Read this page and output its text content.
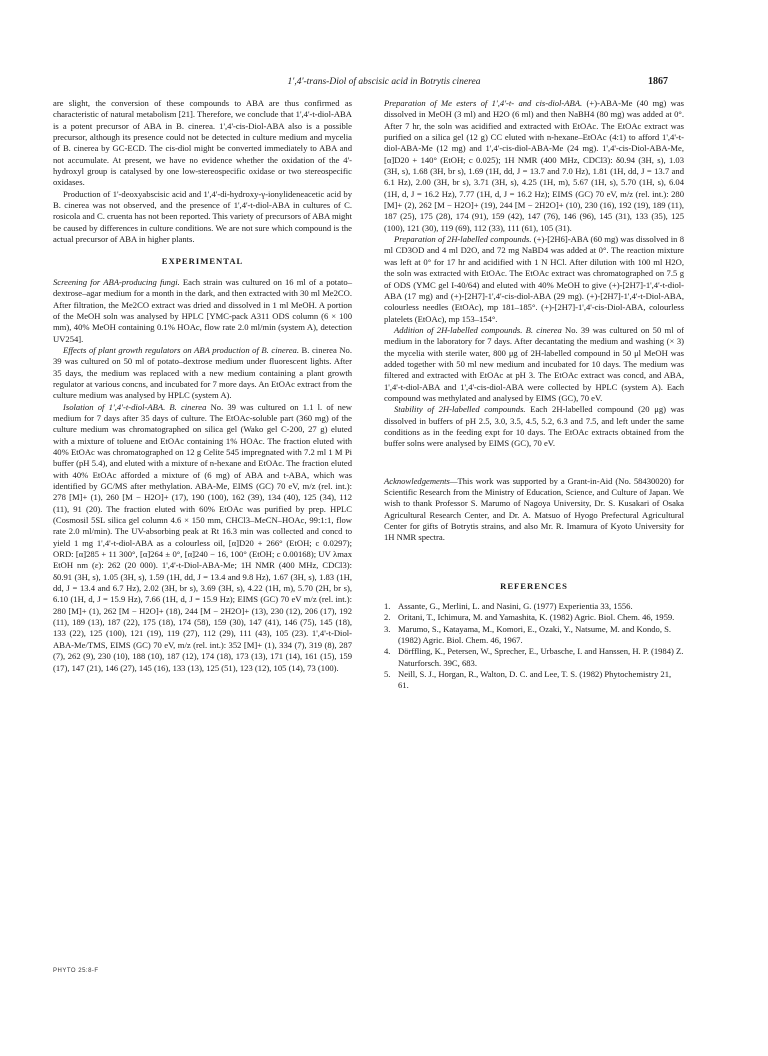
1',4'-trans-Diol of abscisic acid in Botrytis cinerea	1867

are slight, the conversion of these compounds to ABA are thus confirmed as characteristic of natural metabolism [21]. Therefore, we conclude that 1',4'-t-diol-ABA is a potent precursor of ABA in B. cinerea. 1',4'-cis-Diol-ABA also is a possible precursor, although its presence could not be detected in culture medium and mycelia of B. cinerea by GC-ECD. The cis-diol might be converted immediately to ABA and not accumulate. At present, we have no evidence whether the oxidation of the 4'-hydroxyl group is catalysed by one low-stereospecific oxidase or two stereospecific oxidases.

Production of 1'-deoxyabscisic acid and 1',4'-di-hydroxy-γ-ionylideneacetic acid by B. cinerea was not observed, and the presence of 1',4'-t-diol-ABA in cultures of C. rosicola and C. cruenta has not been reported. This variety of precursors of ABA might be caused by differences in culture conditions. We are not sure which compound is the actual precursor of ABA in higher plants.

EXPERIMENTAL

Screening for ABA-producing fungi. Each strain was cultured on 16 ml of a potato–dextrose–agar medium for a month in the dark, and then extracted with 30 ml Me2CO. After filtration, the Me2CO extract was dried and dissolved in 1 ml MeOH. A portion of the MeOH soln was analysed by HPLC [YMC-pack A311 ODS column (6 × 100 mm), 40% MeOH containing 0.1% HOAc, flow rate 2.0 ml/min (system A), detection UV254].

Effects of plant growth regulators on ABA production of B. cinerea. B. cinerea No. 39 was cultured on 50 ml of potato–dextrose medium under fluorescent lights. After 35 days, the medium was replaced with a new medium containing a plant growth regulator at various concns, and incubated for 7 more days. An EtOAc extract from the culture medium was analysed by HPLC (system A).

Isolation of 1',4'-t-diol-ABA. B. cinerea No. 39 was cultured on 1.1 l. of new medium for 7 days after 35 days of culture. The EtOAc-soluble part (360 mg) of the culture medium was chromatographed on silica gel (Wako gel C-200, 27 g) eluted with a mixture of toluene and EtOAc containing 1% HOAc. The fraction eluted with 40% EtOAc was chromatographed on 12 g Celite 545 impregnated with 7.2 ml 1 M Pi buffer (pH 5.4), and eluted with a mixture of n-hexane and EtOAc. The fraction eluted with 40% EtOAc afforded a mixture of (6 mg) of ABA and t-ABA, which was identified by GC/MS after methylation. ABA-Me, EIMS (GC) 70 eV, m/z (rel. int.): 278 [M]+ (1), 260 [M − H2O]+ (17), 190 (100), 162 (39), 134 (40), 125 (34), 112 (11), 91 (20). The fraction eluted with 60% EtOAc was purified by prep. HPLC (Cosmosil 5SL silica gel column 4.6 × 150 mm, CHCl3–MeCN–HOAc, 99:1:1, flow rate 2.0 ml/min). The UV-absorbing peak at Rt 16.3 min was collected and concd to yield 1 mg 1',4'-t-diol-ABA as a colourless oil, [α]D20 + 266° (EtOH; c 0.0297); ORD: [α]285 + 11 300°, [α]264 ± 0°, [α]240 − 16, 100° (EtOH; c 0.00168); UV λmax EtOH nm (ε): 262 (20 000). 1',4'-t-Diol-ABA-Me; 1H NMR (400 MHz, CDCl3): δ0.91 (3H, s), 1.05 (3H, s), 1.59 (1H, dd, J = 13.4 and 9.8 Hz), 1.67 (3H, s), 1.83 (1H, dd, J = 13.4 and 6.7 Hz), 2.02 (3H, br s), 3.69 (3H, s), 4.22 (1H, m), 5.70 (2H, br s), 6.10 (1H, d, J = 15.9 Hz), 7.66 (1H, d, J = 15.9 Hz); EIMS (GC) 70 eV m/z (rel. int.): 280 [M]+ (1), 262 [M − H2O]+ (18), 244 [M − 2H2O]+ (13), 230 (12), 206 (17), 192 (11), 189 (13), 187 (22), 175 (18), 174 (58), 159 (30), 147 (41), 146 (75), 145 (18), 133 (22), 125 (100), 121 (19), 119 (27), 112 (29), 111 (43), 105 (23). 1',4'-t-Diol-ABA-Me/TMS, EIMS (GC) 70 eV, m/z (rel. int.): 352 [M]+ (1), 334 (7), 319 (8), 287 (7), 262 (9), 230 (10), 188 (10), 187 (12), 174 (18), 173 (13), 171 (14), 161 (15), 159 (17), 147 (21), 146 (27), 145 (16), 133 (13), 125 (51), 123 (12), 105 (14), 73 (100).

Preparation of Me esters of 1',4'-t- and cis-diol-ABA. (+)-ABA-Me (40 mg) was dissolved in MeOH (3 ml) and H2O (6 ml) and then NaBH4 (80 mg) was added at 0°. After 7 hr, the soln was acidified and extracted with EtOAc. The EtOAc extract was purified on a silica gel (12 g) CC eluted with n-hexane–EtOAc (4:1) to afford 1',4'-t-diol-ABA-Me (12 mg) and 1',4'-cis-diol-ABA-Me (24 mg). 1',4'-cis-Diol-ABA-Me, [α]D20 + 140° (EtOH; c 0.025); 1H NMR (400 MHz, CDCl3): δ0.94 (3H, s), 1.03 (3H, s), 1.68 (3H, br s), 1.69 (1H, dd, J = 13.7 and 7.0 Hz), 1.81 (1H, dd, J = 13.7 and 6.1 Hz), 2.00 (3H, br s), 3.71 (3H, s), 4.25 (1H, m), 5.67 (1H, s), 5.70 (1H, s), 6.04 (1H, d, J = 16.2 Hz), 7.77 (1H, d, J = 16.2 Hz); EIMS (GC) 70 eV, m/z (rel. int.): 280 [M]+ (2), 262 [M − H2O]+ (19), 244 [M − 2H2O]+ (10), 230 (16), 192 (19), 189 (11), 187 (25), 175 (28), 174 (91), 159 (42), 147 (76), 146 (96), 145 (31), 133 (35), 125 (100), 121 (30), 119 (69), 112 (33), 111 (61), 105 (31).

Preparation of 2H-labelled compounds. (+)-[2H6]-ABA (60 mg) was dissolved in 8 ml CD3OD and 4 ml D2O, and 72 mg NaBD4 was added at 0°. The reaction mixture was left at 0° for 17 hr and acidified with 1 N HCl. After dilution with 100 ml H2O, the soln was extracted with EtOAc. The EtOAc extract was chromatographed on 7.5 g of ODS (YMC gel I-40/64) and eluted with 40% MeOH to give (+)-[2H7]-1',4'-t-diol-ABA (17 mg) and (+)-[2H7]-1',4'-cis-diol-ABA (29 mg). (+)-[2H7]-1',4'-t-Diol-ABA, colourless needles (EtOAc), mp 181–185°. (+)-[2H7]-1',4'-cis-Diol-ABA, colourless platelets (EtOAc), mp 153–154°.

Addition of 2H-labelled compounds. B. cinerea No. 39 was cultured on 50 ml of medium in the laboratory for 7 days. After decantating the medium and washing (× 3) the mycelia with sterile water, 800 μg of 2H-labelled compound in 50 μl MeOH was added together with 50 ml new medium and incubated for 10 days. The medium was filtered and extracted with EtOAc at pH 3. The EtOAc extract was concd, and ABA, 1',4'-t-diol-ABA and 1',4'-cis-diol-ABA were collected by HPLC (system A). Each compound was methylated and analysed by EIMS (GC), 70 eV.

Stability of 2H-labelled compounds. Each 2H-labelled compound (20 μg) was dissolved in buffers of pH 2.5, 3.0, 3.5, 4.5, 5.2, 6.3 and 7.5, and left under the same conditions as in the feeding expt for 10 days. The EtOAc extracts obtained from the buffer solns were analysed by EIMS (GC), 70 eV.

Acknowledgements—This work was supported by a Grant-in-Aid (No. 58430020) for Scientific Research from the Ministry of Education, Science, and Culture of Japan. We wish to thank Professor S. Marumo of Nagoya University, Dr. S. Kusakari of Osaka Agricultural Research Center, and Dr. A. Matsuo of Hyogo Prefectural Agricultural Center for gifts of Botrytis strains, and also Mr. R. Imamura of Kyoto University for 1H NMR spectra.

REFERENCES
1. Assante, G., Merlini, L. and Nasini, G. (1977) Experientia 33, 1556.
2. Oritani, T., Ichimura, M. and Yamashita, K. (1982) Agric. Biol. Chem. 46, 1959.
3. Marumo, S., Katayama, M., Komori, E., Ozaki, Y., Natsume, M. and Kondo, S. (1982) Agric. Biol. Chem. 46, 1967.
4. Dörffling, K., Petersen, W., Sprecher, E., Urbasche, I. and Hanssen, H. P. (1984) Z. Naturforsch. 39C, 683.
5. Neill, S. J., Horgan, R., Walton, D. C. and Lee, T. S. (1982) Phytochemistry 21, 61.
PHYTO 25:8-F
